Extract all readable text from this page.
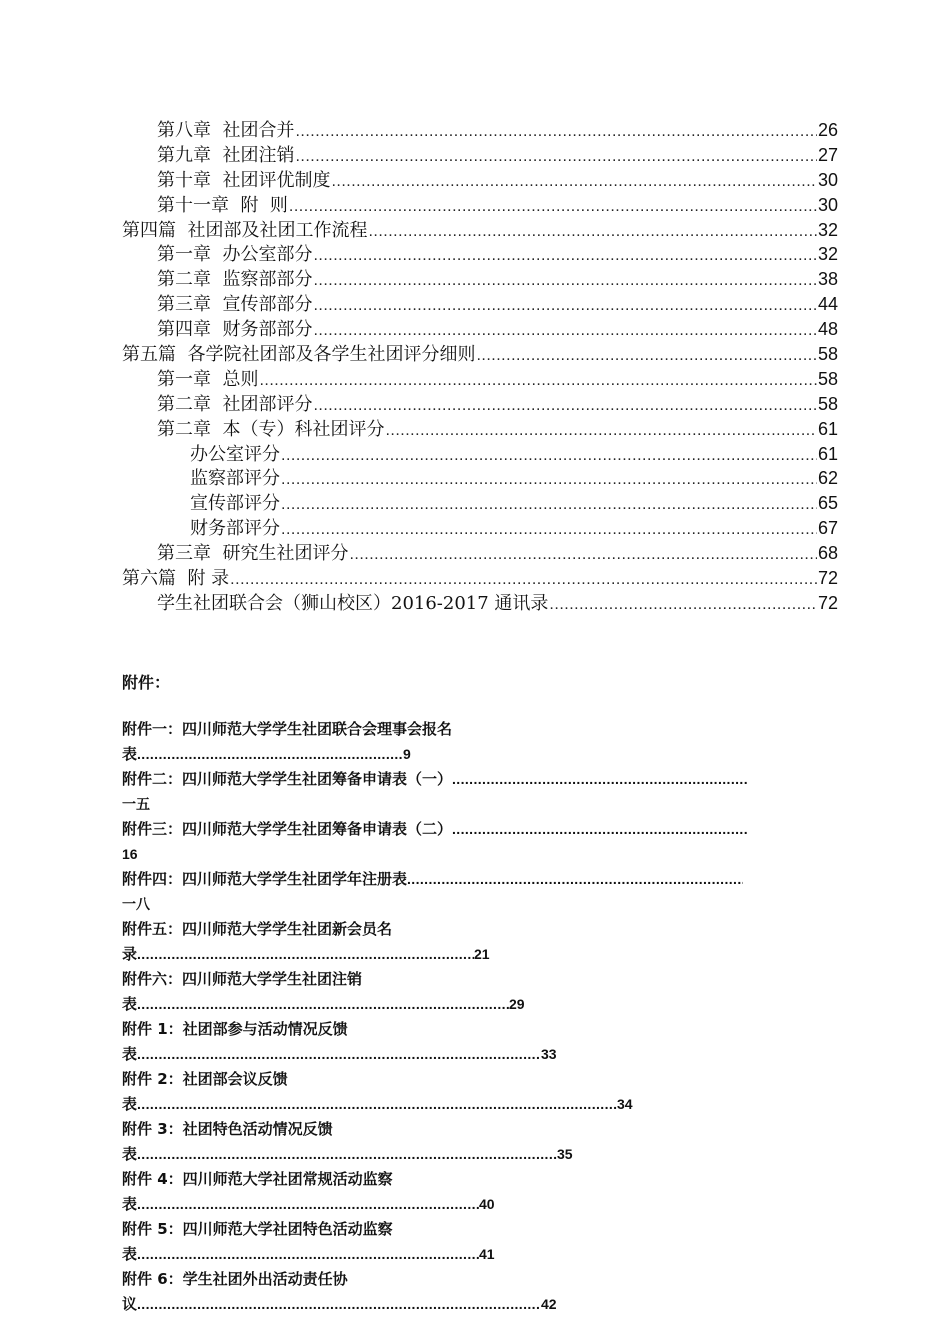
第八章  社团合并 .....	26
第九章  社团注销 .....	27
第十章  社团评优制度 .....	30
第十一章  附  则 .....	30
第四篇  社团部及社团工作流程 .....	32
第一章  办公室部分 .....	32
第二章  监察部部分 .....	38
第三章  宣传部部分 .....	44
第四章  财务部部分 .....	48
第五篇  各学院社团部及各学生社团评分细则 .....	58
第一章  总则 .....	58
第二章  社团部评分 .....	58
第二章  本（专）科社团评分 .....	61
办公室评分 .....	61
监察部评分 .....	62
宣传部评分 .....	65
财务部评分 .....	67
第三章  研究生社团评分 .....	68
第六篇  附 录 .....	72
学生社团联合会（狮山校区）2016-2017 通讯录 .....	72
附件：
附件一：四川师范大学学生社团联合会理事会报名
表 .....	9
附件二：四川师范大学学生社团筹备申请表（一）.....
一五
附件三：四川师范大学学生社团筹备申请表（二）.....
16
附件四：四川师范大学学生社团学年注册表.....
一八
附件五：四川师范大学学生社团新会员名
录 .....	21
附件六：四川师范大学学生社团注销
表 .....	29
附件 1：社团部参与活动情况反馈
表 .....	33
附件 2：社团部会议反馈
表 .....	34
附件 3：社团特色活动情况反馈
表 .....	35
附件 4：四川师范大学社团常规活动监察
表 .....	40
附件 5：四川师范大学社团特色活动监察
表 .....	41
附件 6：学生社团外出活动责任协
议 .....	42
